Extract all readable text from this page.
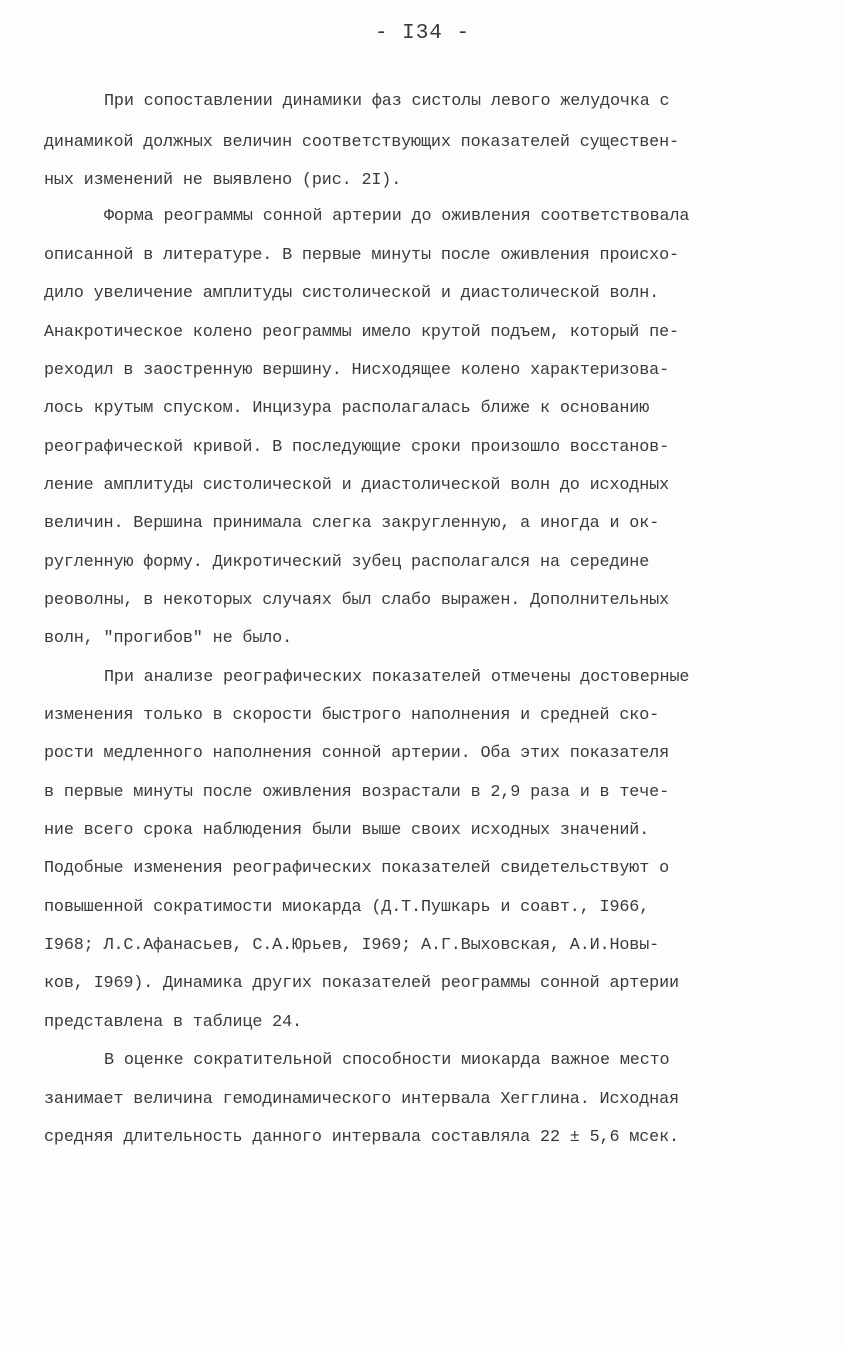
- I34 -
При сопоставлении динамики фаз систолы левого желудочка с
динамикой должных величин соответствующих показателей существен-
ных изменений не выявлено (рис. 2I).
Форма реограммы сонной артерии до оживления соответствовала
описанной в литературе. В первые минуты после оживления происхо-
дило увеличение амплитуды систолической и диастолической волн.
Анакротическое колено реограммы имело крутой подъем, который пе-
реходил в заостренную вершину. Нисходящее колено характеризова-
лось крутым спуском. Инцизура располагалась ближе к основанию
реографической кривой. В последующие сроки произошло восстанов-
ление амплитуды систолической и диастолической волн до исходных
величин. Вершина принимала слегка закругленную, а иногда и ок-
ругленную форму. Дикротический зубец располагался на середине
реоволны, в некоторых случаях был слабо выражен. Дополнительных
волн, "прогибов" не было.
При анализе реографических показателей отмечены достоверные
изменения только в скорости быстрого наполнения и средней ско-
рости медленного наполнения сонной артерии. Оба этих показателя
в первые минуты после оживления возрастали в 2,9 раза и в тече-
ние всего срока наблюдения были выше своих исходных значений.
Подобные изменения реографических показателей свидетельствуют о
повышенной сократимости миокарда (Д.Т.Пушкарь и соавт., I966,
I968; Л.С.Афанасьев, С.А.Юрьев, I969; А.Г.Выховская, А.И.Новы-
ков, I969). Динамика других показателей реограммы сонной артерии
представлена в таблице 24.
В оценке сократительной способности миокарда важное место
занимает величина гемодинамического интервала Хегглина. Исходная
средняя длительность данного интервала составляла 22 ± 5,6 мсек.
